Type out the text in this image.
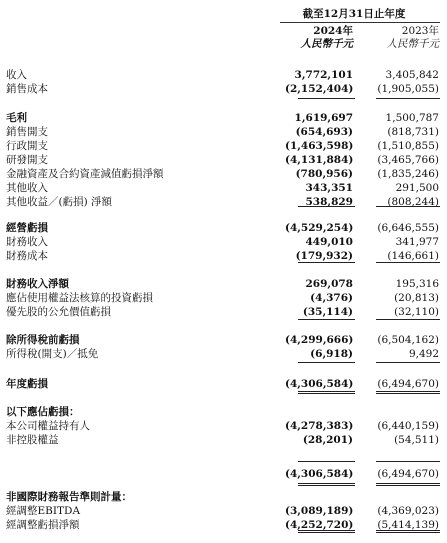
截至12月31日止年度
2024年	2023年
人民幣千元	人民幣千元
收入	3,772,101	3,405,842
銷售成本	(2,152,404)	(1,905,055)
毛利	1,619,697	1,500,787
銷售開支	(654,693)	(818,731)
行政開支	(1,463,598)	(1,510,855)
研發開支	(4,131,884)	(3,465,766)
金融資產及合約資產減值虧損淨額	(780,956)	(1,835,246)
其他收入	343,351	291,500
其他收益／(虧損) 淨額	538,829	(808,244)
經營虧損	(4,529,254)	(6,646,555)
財務收入	449,010	341,977
財務成本	(179,932)	(146,661)
財務收入淨額	269,078	195,316
應佔使用權益法核算的投資虧損	(4,376)	(20,813)
優先股的公允價值虧損	(35,114)	(32,110)
除所得稅前虧損	(4,299,666)	(6,504,162)
所得稅(開支)／抵免	(6,918)	9,492
年度虧損	(4,306,584)	(6,494,670)
以下應佔虧損：
本公司權益持有人	(4,278,383)	(6,440,159)
非控股權益	(28,201)	(54,511)
(4,306,584)	(6,494,670)
非國際財務報告準則計量：
經調整EBITDA	(3,089,189)	(4,369,023)
經調整虧損淨額	(4,252,720)	(5,414,139)
